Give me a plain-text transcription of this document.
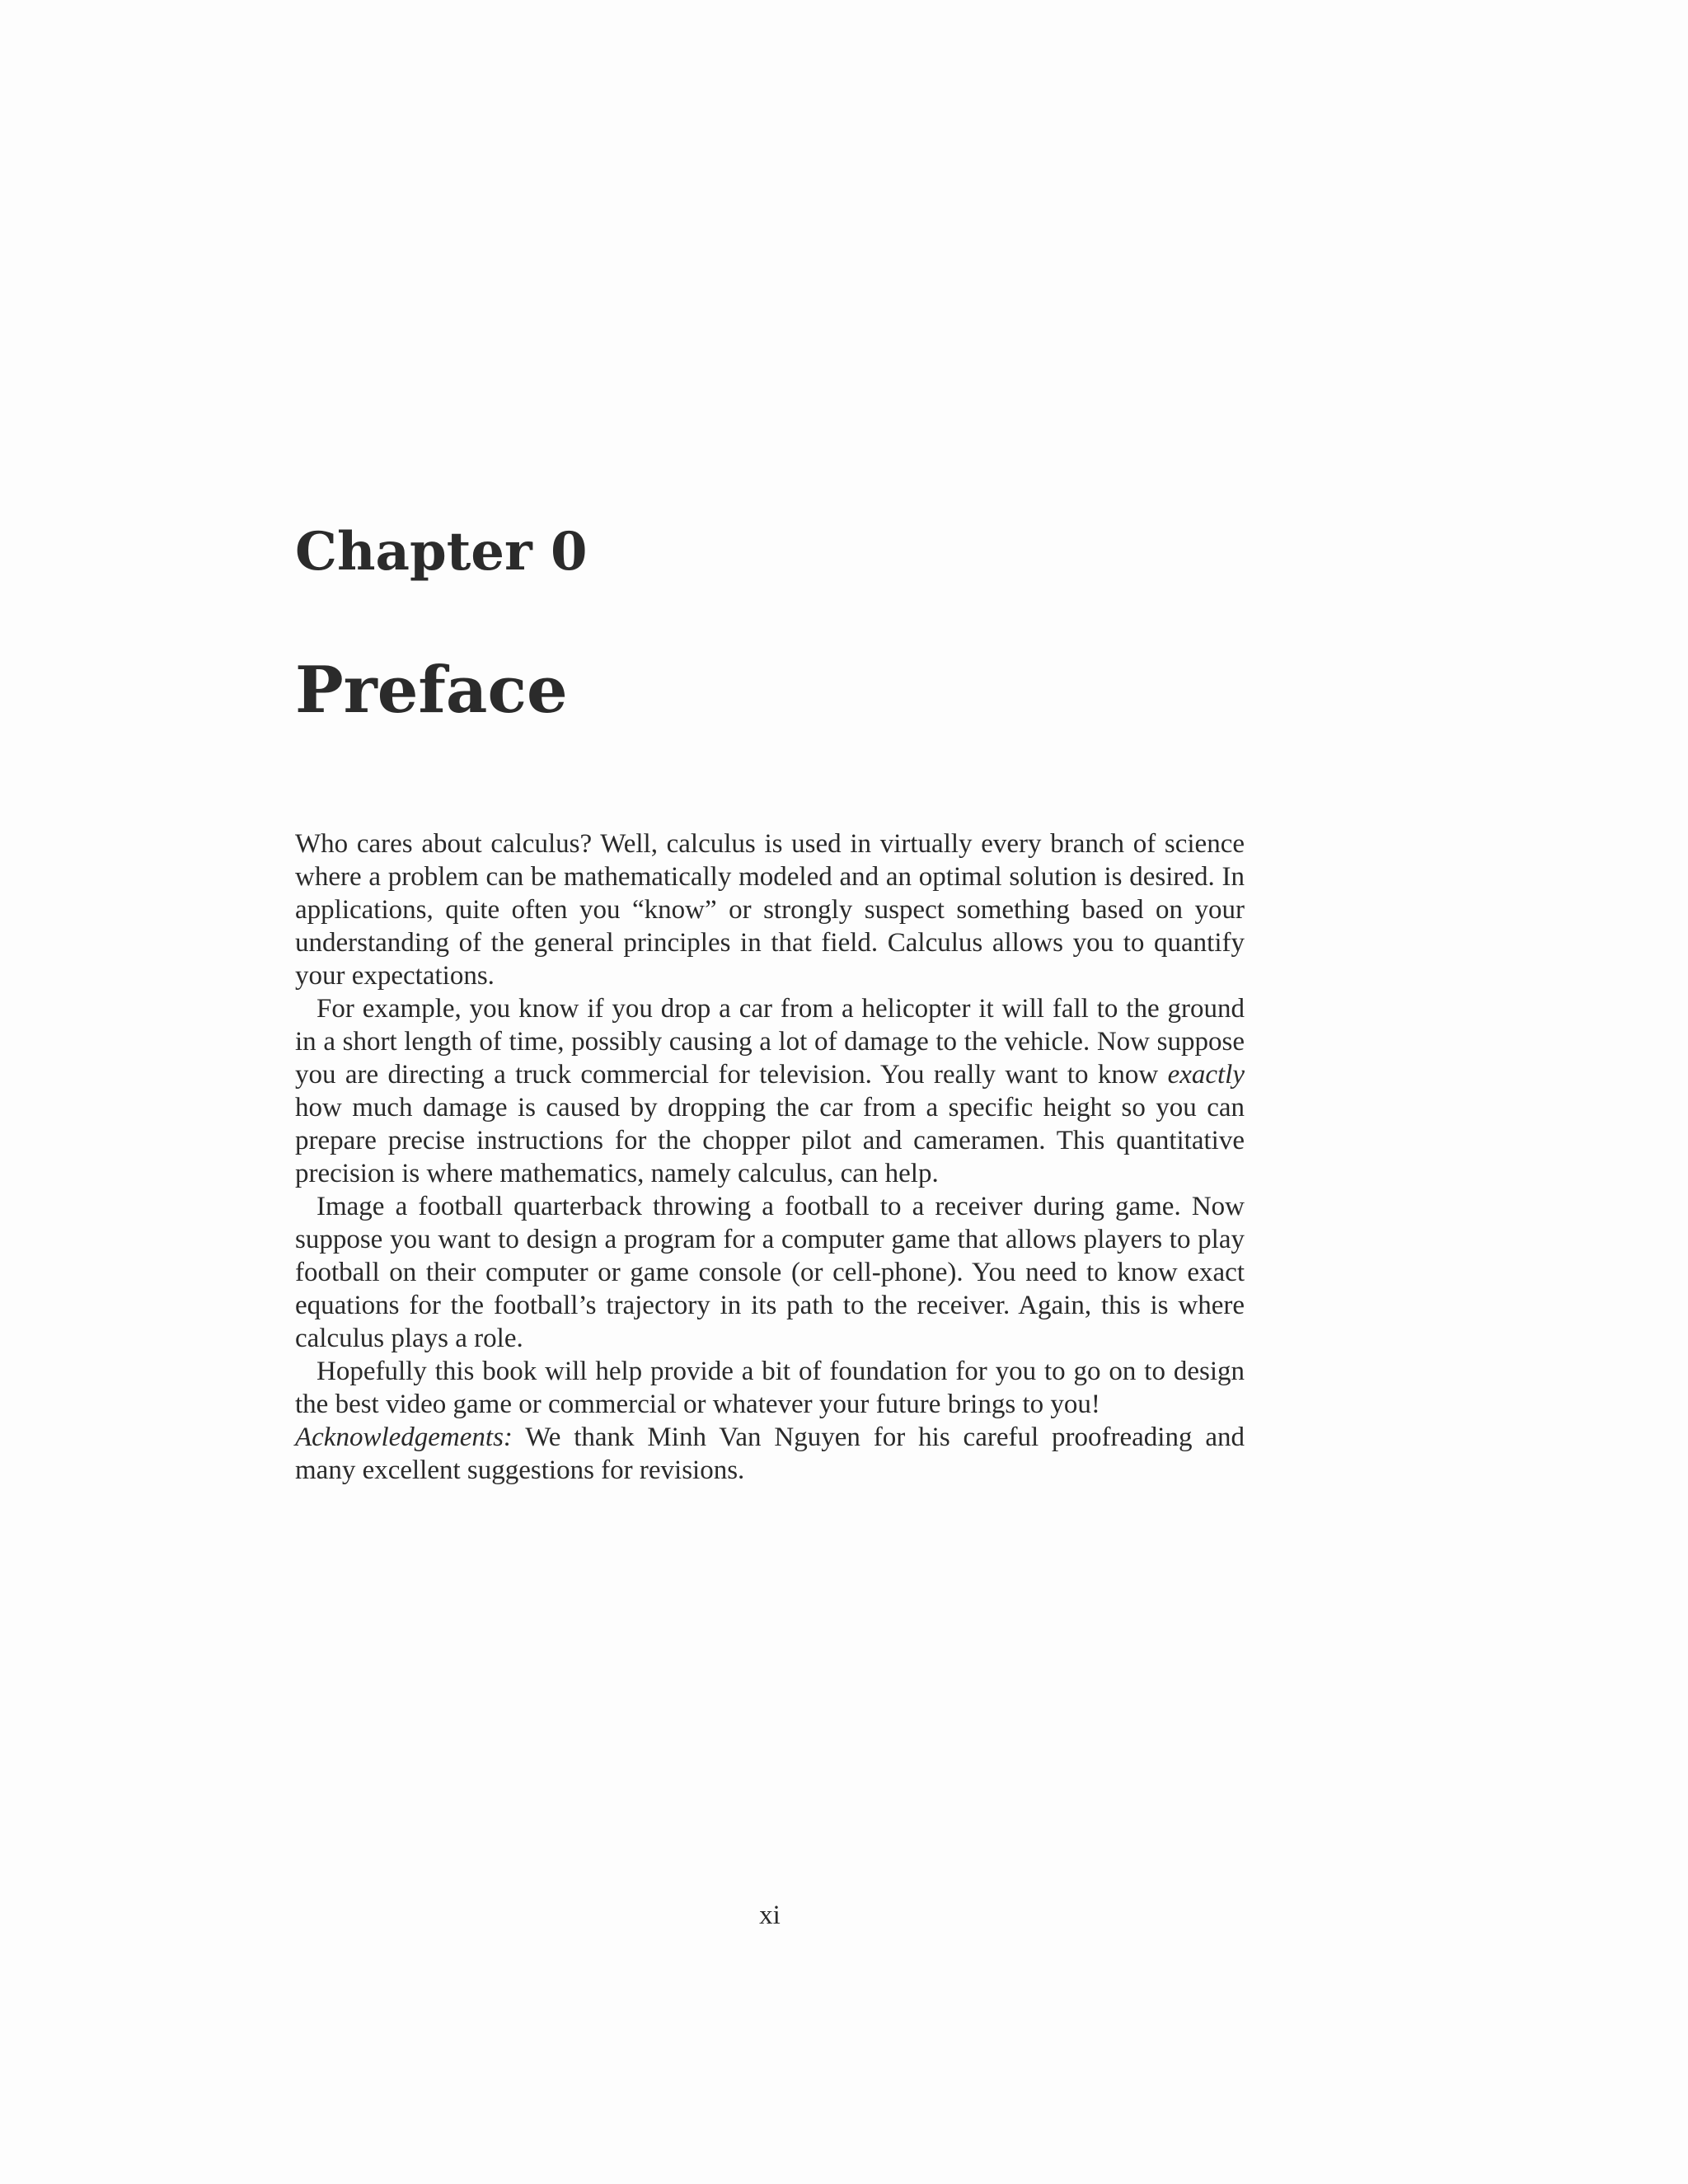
Chapter 0
Preface

Who cares about calculus? Well, calculus is used in virtually every branch of science where a problem can be mathematically modeled and an optimal solution is desired. In applications, quite often you “know” or strongly suspect something based on your understanding of the general principles in that field. Calculus allows you to quantify your expectations.

For example, you know if you drop a car from a helicopter it will fall to the ground in a short length of time, possibly causing a lot of damage to the vehicle. Now suppose you are directing a truck commercial for television. You really want to know exactly how much damage is caused by dropping the car from a specific height so you can prepare precise instructions for the chopper pilot and cameramen. This quantitative precision is where mathematics, namely calculus, can help.

Image a football quarterback throwing a football to a receiver during game. Now suppose you want to design a program for a computer game that allows players to play football on their computer or game console (or cell-phone). You need to know exact equations for the football’s trajectory in its path to the receiver. Again, this is where calculus plays a role.

Hopefully this book will help provide a bit of foundation for you to go on to design the best video game or commercial or whatever your future brings to you!

Acknowledgements: We thank Minh Van Nguyen for his careful proofreading and many excellent suggestions for revisions.

xi
